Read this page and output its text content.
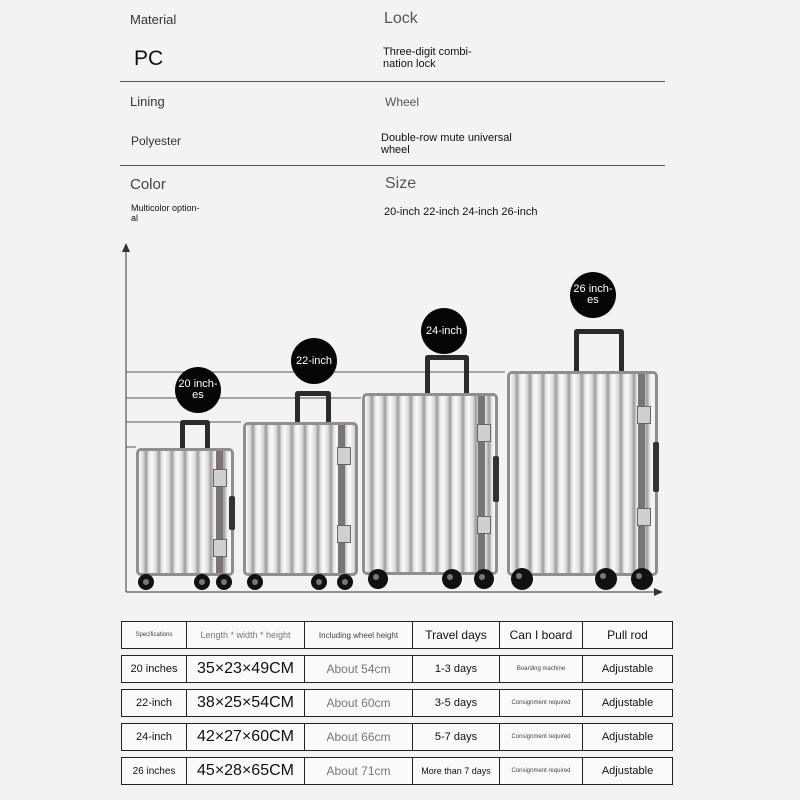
Material
PC
Lock
Three-digit combi-
nation lock
Lining
Polyester
Wheel
Double-row mute universal
wheel
Color
Multicolor option-
al
Size
20-inch 22-inch 24-inch 26-inch
20 inch-
es
22-inch
24-inch
26 inch-
es
Specifications	Length * width * height	Including wheel height	Travel days	Can I board	Pull rod
20 inches	35×23×49CM	About 54cm	1-3 days	Boarding machine	Adjustable
22-inch	38×25×54CM	About 60cm	3-5 days	Consignment required	Adjustable
24-inch	42×27×60CM	About 66cm	5-7 days	Consignment required	Adjustable
26 inches	45×28×65CM	About 71cm	More than 7 days	Consignment required	Adjustable
